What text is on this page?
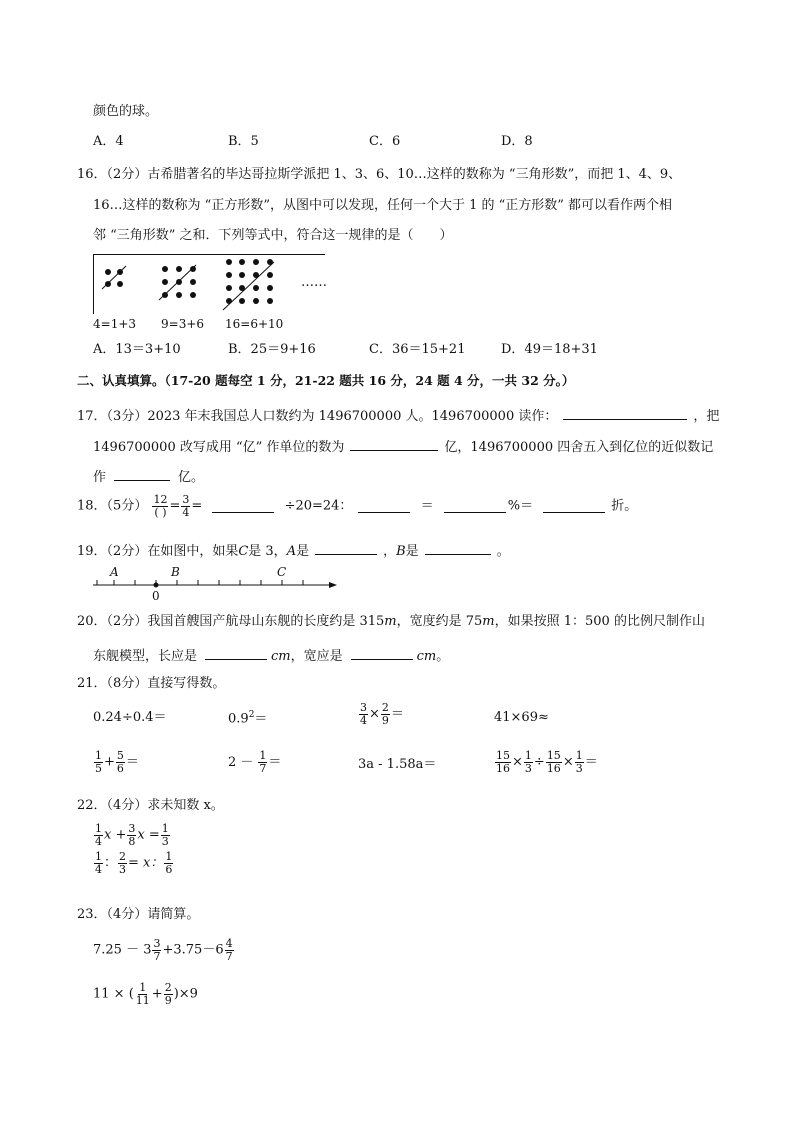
颜色的球。
A．4	B．5	C．6	D．8
16．（2分）古希腊著名的毕达哥拉斯学派把 1、3、6、10…这样的数称为 “三角形数”，而把 1、4、9、
16…这样的数称为 “正方形数”，从图中可以发现，任何一个大于 1 的 “正方形数” 都可以看作两个相
邻 “三角形数” 之和．下列等式中，符合这一规律的是（　　）
……
4=1+3 9=3+6 16=6+10
A．13＝3+10	B．25＝9+16	C．36＝15+21	D．49＝18+31
二、认真填算。（17-20 题每空 1 分，21-22 题共 16 分，24 题 4 分，一共 32 分。）
17．（3分）2023 年末我国总人口数约为 1496700000 人。1496700000 读作：	，把
1496700000 改写成用 “亿” 作单位的数为	亿，1496700000 四舍五入到亿位的近似数记
作	亿。
18．（5分） $\frac{12}{( )} = \frac{3}{4}$ =	÷20=24：	＝	%＝	折。
19．（2分）在如图中，如果C是 3，A是	，B是	。
A	B	C
0
20．（2分）我国首艘国产航母山东舰的长度约是 315m，宽度约是 75m，如果按照 1：500 的比例尺制作山
东舰模型，长应是	cm，宽应是	cm。
21．（8分）直接写得数。
0.24÷0.4＝	$0.9^2=$	$\frac{3}{4} \times \frac{2}{9}$ ＝	41×69≈
$\frac{1}{5} + \frac{5}{6}$ ＝	$2 - \frac{1}{7}$ ＝	3a - 1.58a＝	$\frac{15}{16} \times \frac{1}{3} \div \frac{15}{16} \times \frac{1}{3}$ ＝
22．（4分）求未知数 x。
$\frac{1}{4}$ $x + \frac{3}{8}$ $x = \frac{1}{3}$
$\frac{1}{4}$ ： $\frac{2}{3} = x$： $\frac{1}{6}$
23．（4分）请简算。
$7.25 - 3 \frac{3}{7} +3.75-6 \frac{4}{7}$
11 × ( $\frac{1}{11} + \frac{2}{9} )\times 9$
